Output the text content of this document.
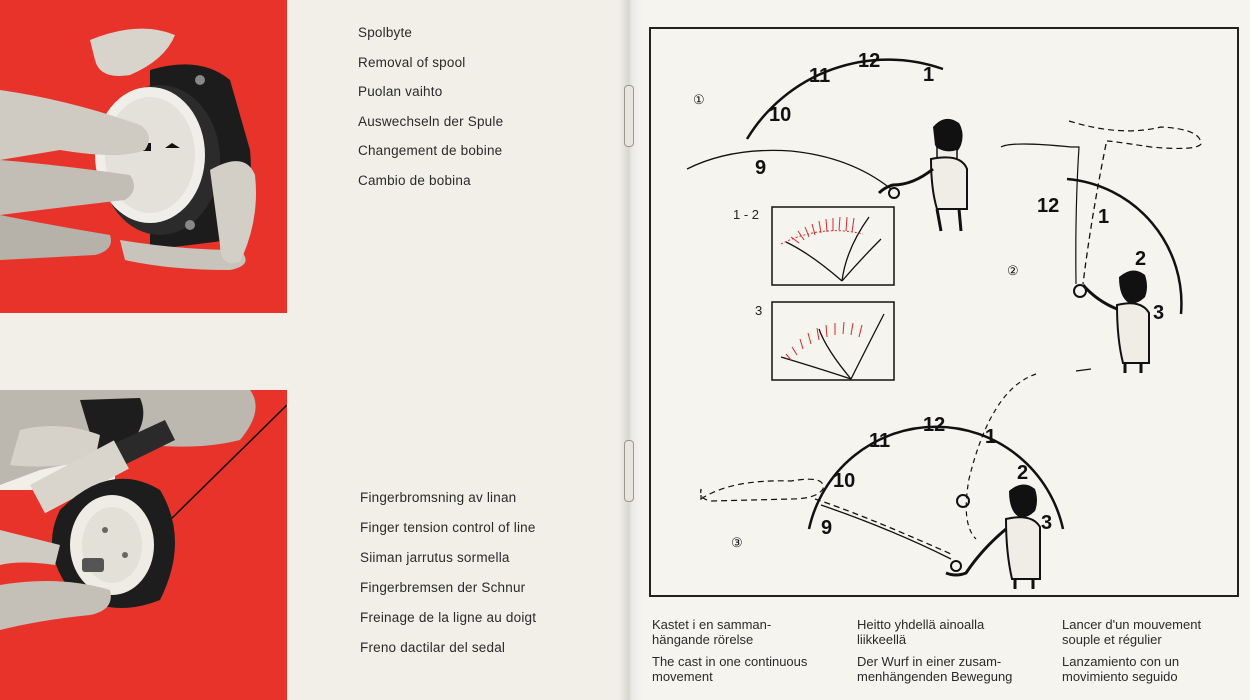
Spolbyte
Removal of spool
Puolan vaihto
Auswechseln der Spule
Changement de bobine
Cambio de bobina
Fingerbromsning av linan
Finger tension control of line
Siiman jarrutus sormella
Fingerbremsen der Schnur
Freinage de la ligne au doigt
Freno dactilar del sedal
9
10
11
12
1
①
1 - 2
3
12 1
2
3
②
9
10
11
12
1
2
3
③

Kastet i en samman-
hängande rörelse

The cast in one continuous
movement

Heitto yhdellä ainoalla
liikkeellä

Der Wurf in einer zusam-
menhängenden Bewegung

Lancer d'un mouvement
souple et régulier

Lanzamiento con un
movimiento seguido
